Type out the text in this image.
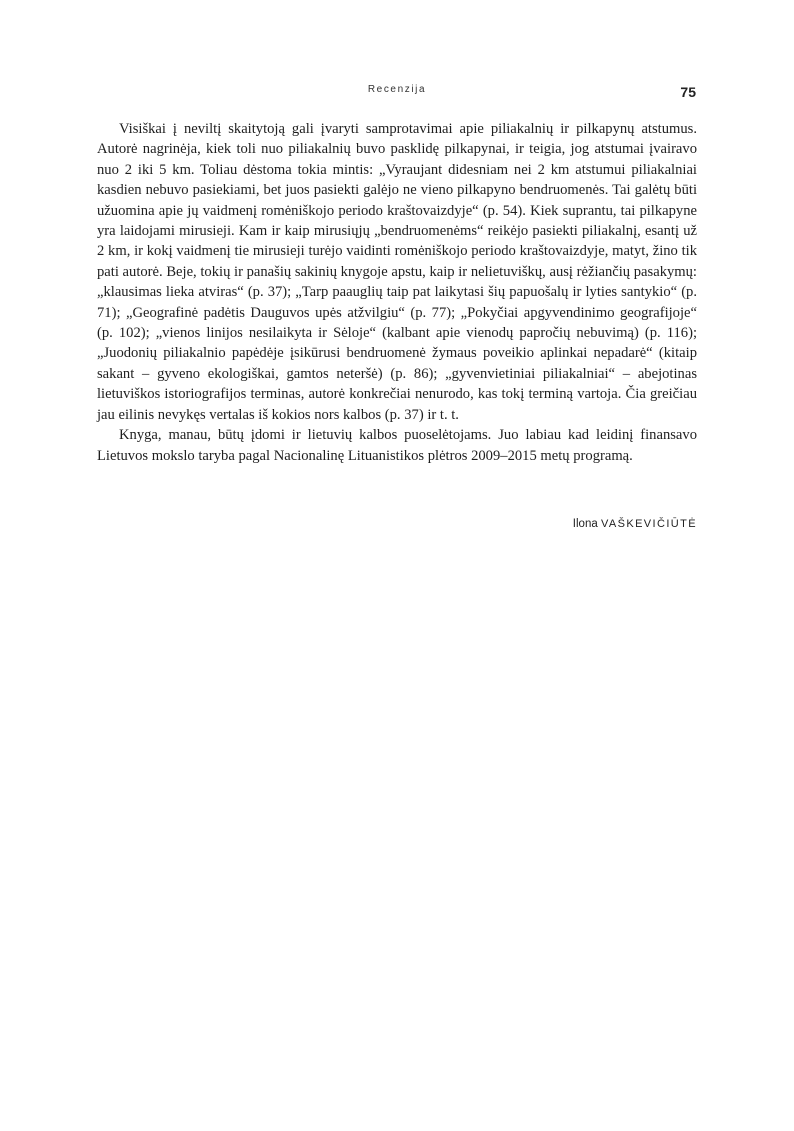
Recenzija	75

Visiškai į neviltį skaitytoją gali įvaryti samprotavimai apie piliakalnių ir pilkapynų atstumus. Autorė nagrinėja, kiek toli nuo piliakalnių buvo pasklidę pilkapynai, ir teigia, jog atstumai įvairavo nuo 2 iki 5 km. Toliau dėstoma tokia mintis: „Vyraujant didesniam nei 2 km atstumui piliakalniai kasdien nebuvo pasiekiami, bet juos pasiekti galėjo ne vieno pilkapyno bendruomenės. Tai galėtų būti užuomina apie jų vaidmenį romėniškojo periodo kraštovaizdyje“ (p. 54). Kiek suprantu, tai pilkapyne yra laidojami mirusieji. Kam ir kaip mirusiųjų „bendruomenėms“ reikėjo pasiekti piliakalnį, esantį už 2 km, ir kokį vaidmenį tie mirusieji turėjo vaidinti romėniškojo periodo kraštovaizdyje, matyt, žino tik pati autorė. Beje, tokių ir panašių sakinių knygoje apstu, kaip ir nelietuviškų, ausį rėžiančių pasakymų: „klausimas lieka atviras“ (p. 37); „Tarp paauglių taip pat laikytasi šių papuošalų ir lyties santykio“ (p. 71); „Geografinė padėtis Dauguvos upės atžvilgiu“ (p. 77); „Pokyčiai apgyvendinimo geografijoje“ (p. 102); „vienos linijos nesilaikyta ir Sėloje“ (kalbant apie vienodų papročių nebuvimą) (p. 116); „Juodonių piliakalnio papėdėje įsikūrusi bendruomenė žymaus poveikio aplinkai nepadarė“ (kitaip sakant – gyveno ekologiškai, gamtos neteršė) (p. 86); „gyvenvietiniai piliakalniai“ – abejotinas lietuviškos istoriografijos terminas, autorė konkrečiai nenurodo, kas tokį terminą vartoja. Čia greičiau jau eilinis nevykęs vertalas iš kokios nors kalbos (p. 37) ir t. t.

Knyga, manau, būtų įdomi ir lietuvių kalbos puoselėtojams. Juo labiau kad leidinį finansavo Lietuvos mokslo taryba pagal Nacionalinę Lituanistikos plėtros 2009–2015 metų programą.

Ilona VAŠKEVIČIŪTĖ
